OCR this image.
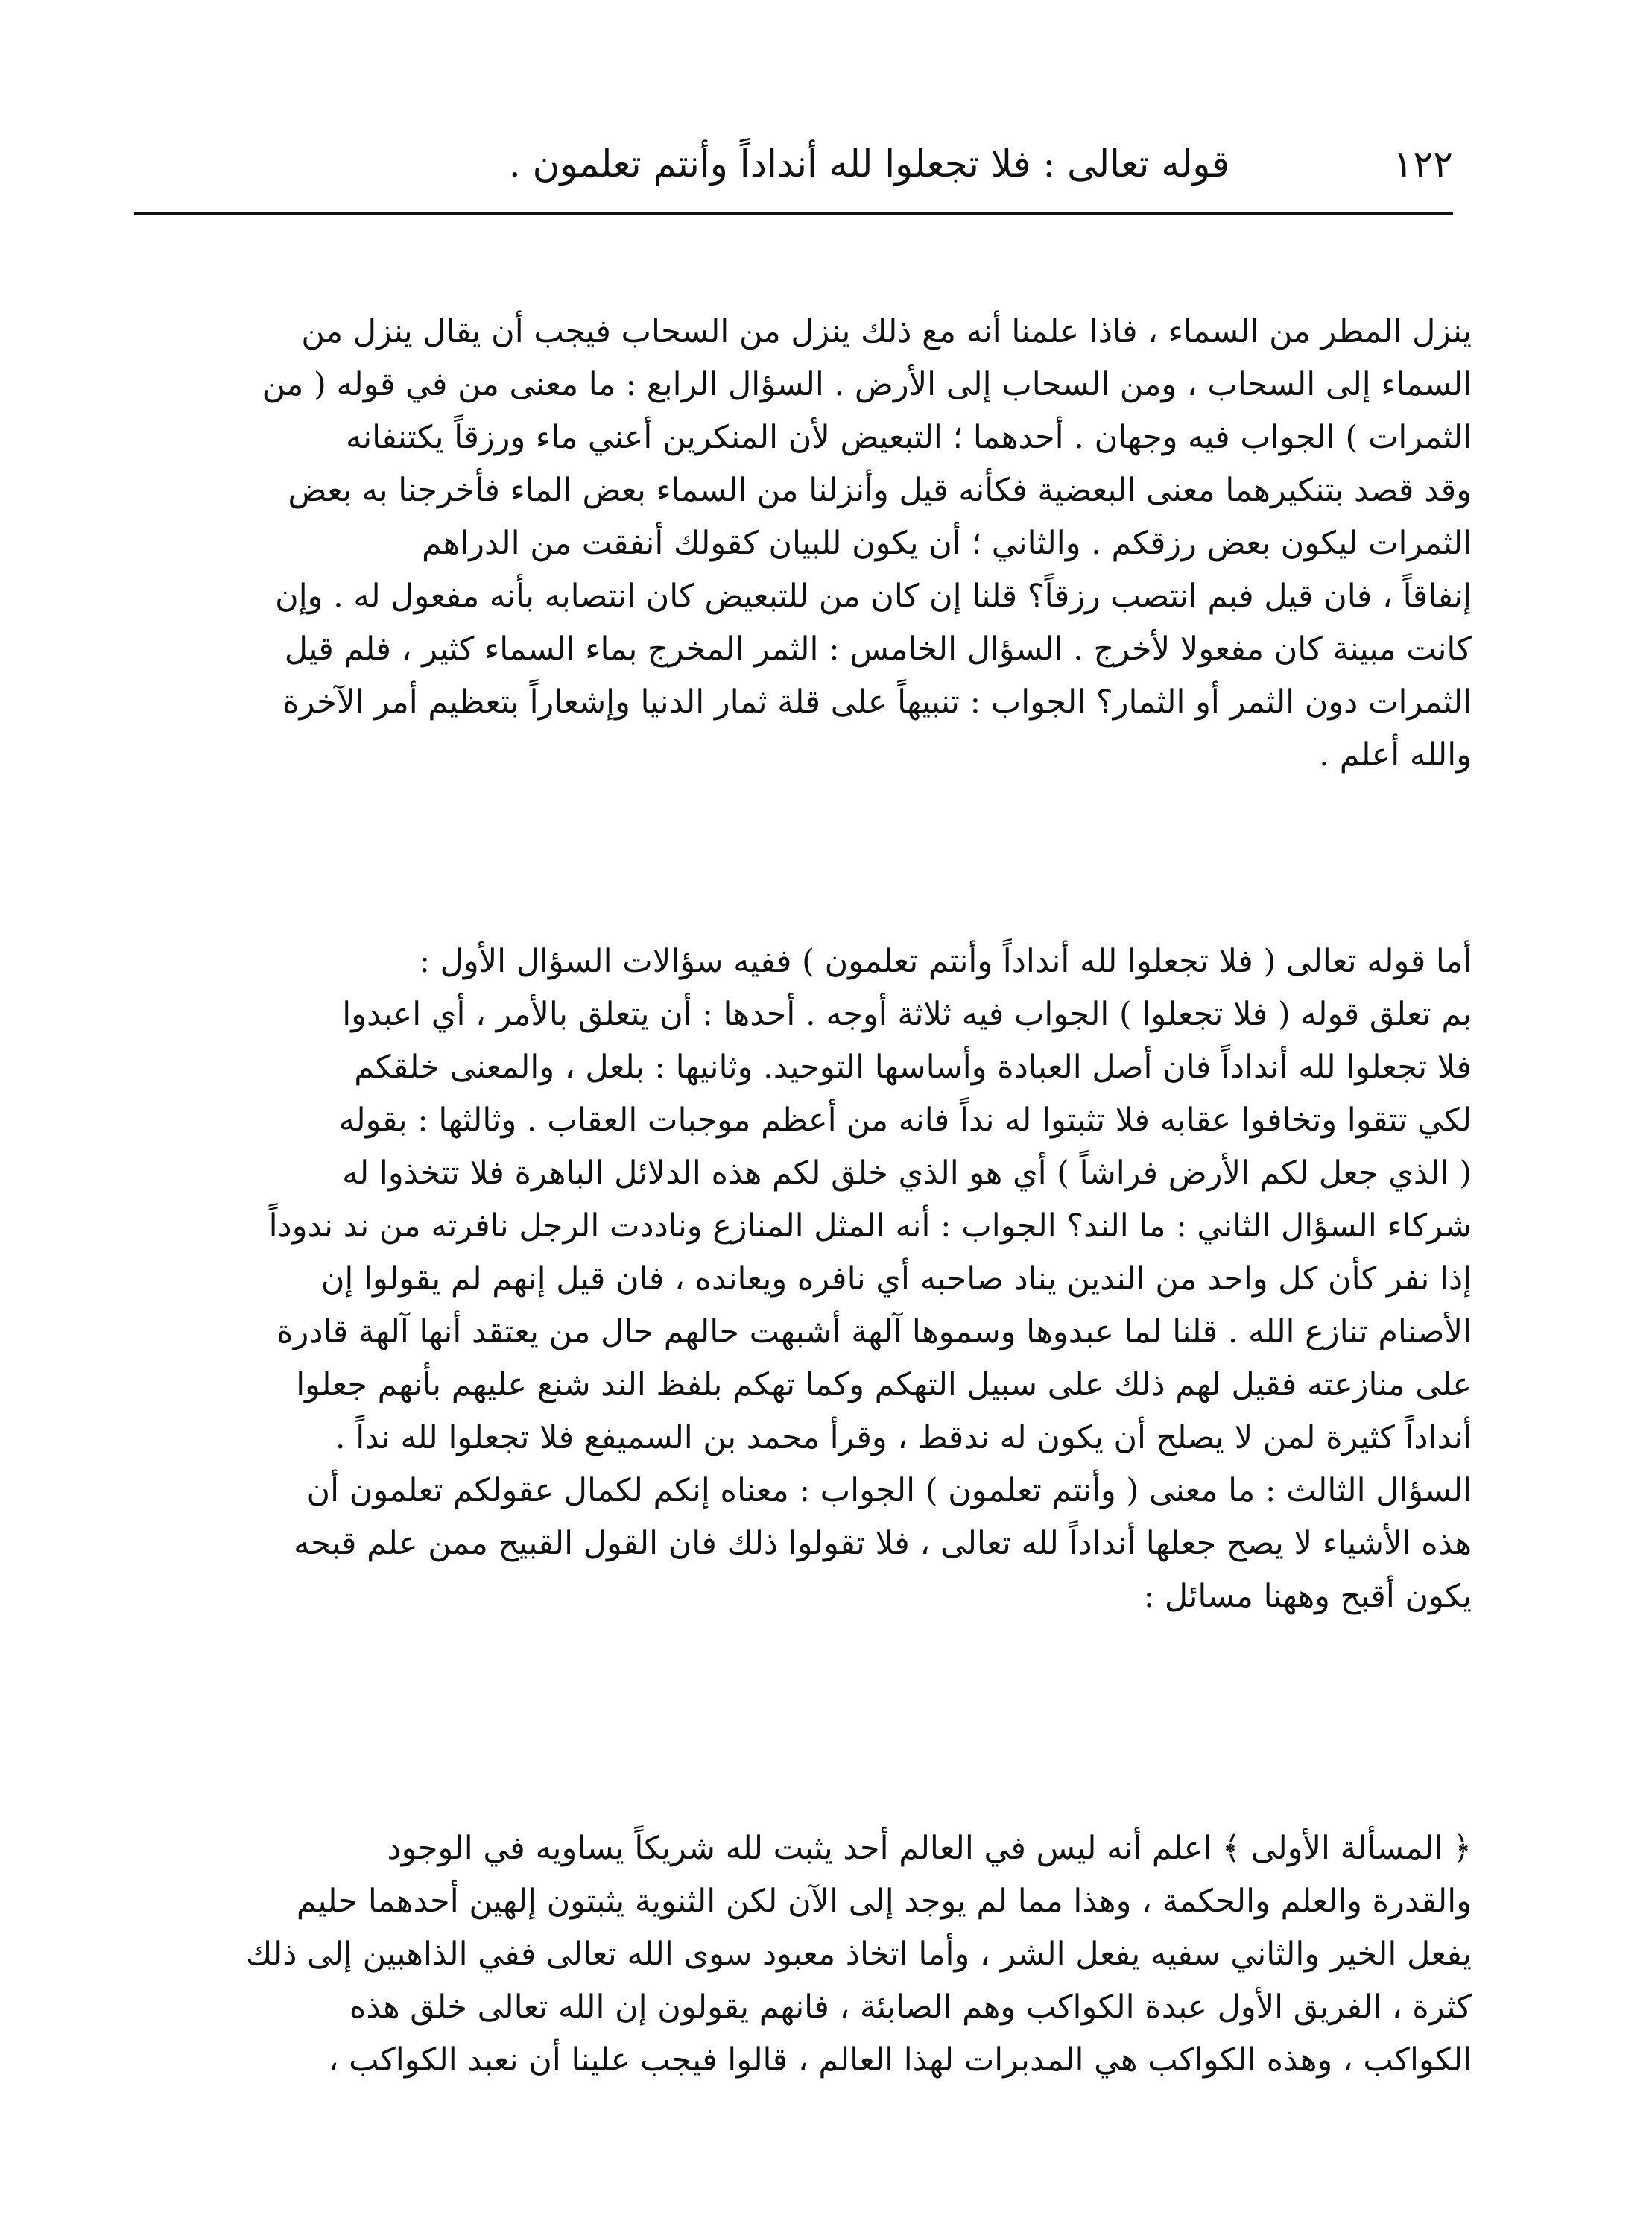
١٢٢
قوله تعالى : فلا تجعلوا لله أنداداً وأنتم تعلمون .
ينزل المطر من السماء ، فاذا علمنا أنه مع ذلك ينزل من السحاب فيجب أن يقال ينزل من
السماء إلى السحاب ، ومن السحاب إلى الأرض . السؤال الرابع : ما معنى من في قوله ( من
الثمرات ) الجواب فيه وجهان . أحدهما ؛ التبعيض لأن المنكرين أعني ماء ورزقاً يكتنفانه
وقد قصد بتنكيرهما معنى البعضية فكأنه قيل وأنزلنا من السماء بعض الماء فأخرجنا به بعض
الثمرات ليكون بعض رزقكم . والثاني ؛ أن يكون للبيان كقولك أنفقت من الدراهم
إنفاقاً ، فان قيل فبم انتصب رزقاً؟ قلنا إن كان من للتبعيض كان انتصابه بأنه مفعول له . وإن
كانت مبينة كان مفعولا لأخرج . السؤال الخامس : الثمر المخرج بماء السماء كثير ، فلم قيل
الثمرات دون الثمر أو الثمار؟ الجواب : تنبيهاً على قلة ثمار الدنيا وإشعاراً بتعظيم أمر الآخرة
والله أعلم .
أما قوله تعالى ( فلا تجعلوا لله أنداداً وأنتم تعلمون ) ففيه سؤالات السؤال الأول :
بم تعلق قوله ( فلا تجعلوا ) الجواب فيه ثلاثة أوجه . أحدها : أن يتعلق بالأمر ، أي اعبدوا
فلا تجعلوا لله أنداداً فان أصل العبادة وأساسها التوحيد. وثانيها : بلعل ، والمعنى خلقكم
لكي تتقوا وتخافوا عقابه فلا تثبتوا له نداً فانه من أعظم موجبات العقاب . وثالثها : بقوله
( الذي جعل لكم الأرض فراشاً ) أي هو الذي خلق لكم هذه الدلائل الباهرة فلا تتخذوا له
شركاء السؤال الثاني : ما الند؟ الجواب : أنه المثل المنازع وناددت الرجل نافرته من ند ندوداً
إذا نفر كأن كل واحد من الندين يناد صاحبه أي نافره ويعانده ، فان قيل إنهم لم يقولوا إن
الأصنام تنازع الله . قلنا لما عبدوها وسموها آلهة أشبهت حالهم حال من يعتقد أنها آلهة قادرة
على منازعته فقيل لهم ذلك على سبيل التهكم وكما تهكم بلفظ الند شنع عليهم بأنهم جعلوا
أنداداً كثيرة لمن لا يصلح أن يكون له ندقط ، وقرأ محمد بن السميفع فلا تجعلوا لله نداً .
السؤال الثالث : ما معنى ( وأنتم تعلمون ) الجواب : معناه إنكم لكمال عقولكم تعلمون أن
هذه الأشياء لا يصح جعلها أنداداً لله تعالى ، فلا تقولوا ذلك فان القول القبيح ممن علم قبحه
يكون أقبح وههنا مسائل :
﴿ المسألة الأولى ﴾ اعلم أنه ليس في العالم أحد يثبت لله شريكاً يساويه في الوجود
والقدرة والعلم والحكمة ، وهذا مما لم يوجد إلى الآن لكن الثنوية يثبتون إلهين أحدهما حليم
يفعل الخير والثاني سفيه يفعل الشر ، وأما اتخاذ معبود سوى الله تعالى ففي الذاهبين إلى ذلك
كثرة ، الفريق الأول عبدة الكواكب وهم الصابئة ، فانهم يقولون إن الله تعالى خلق هذه
الكواكب ، وهذه الكواكب هي المدبرات لهذا العالم ، قالوا فيجب علينا أن نعبد الكواكب ،
